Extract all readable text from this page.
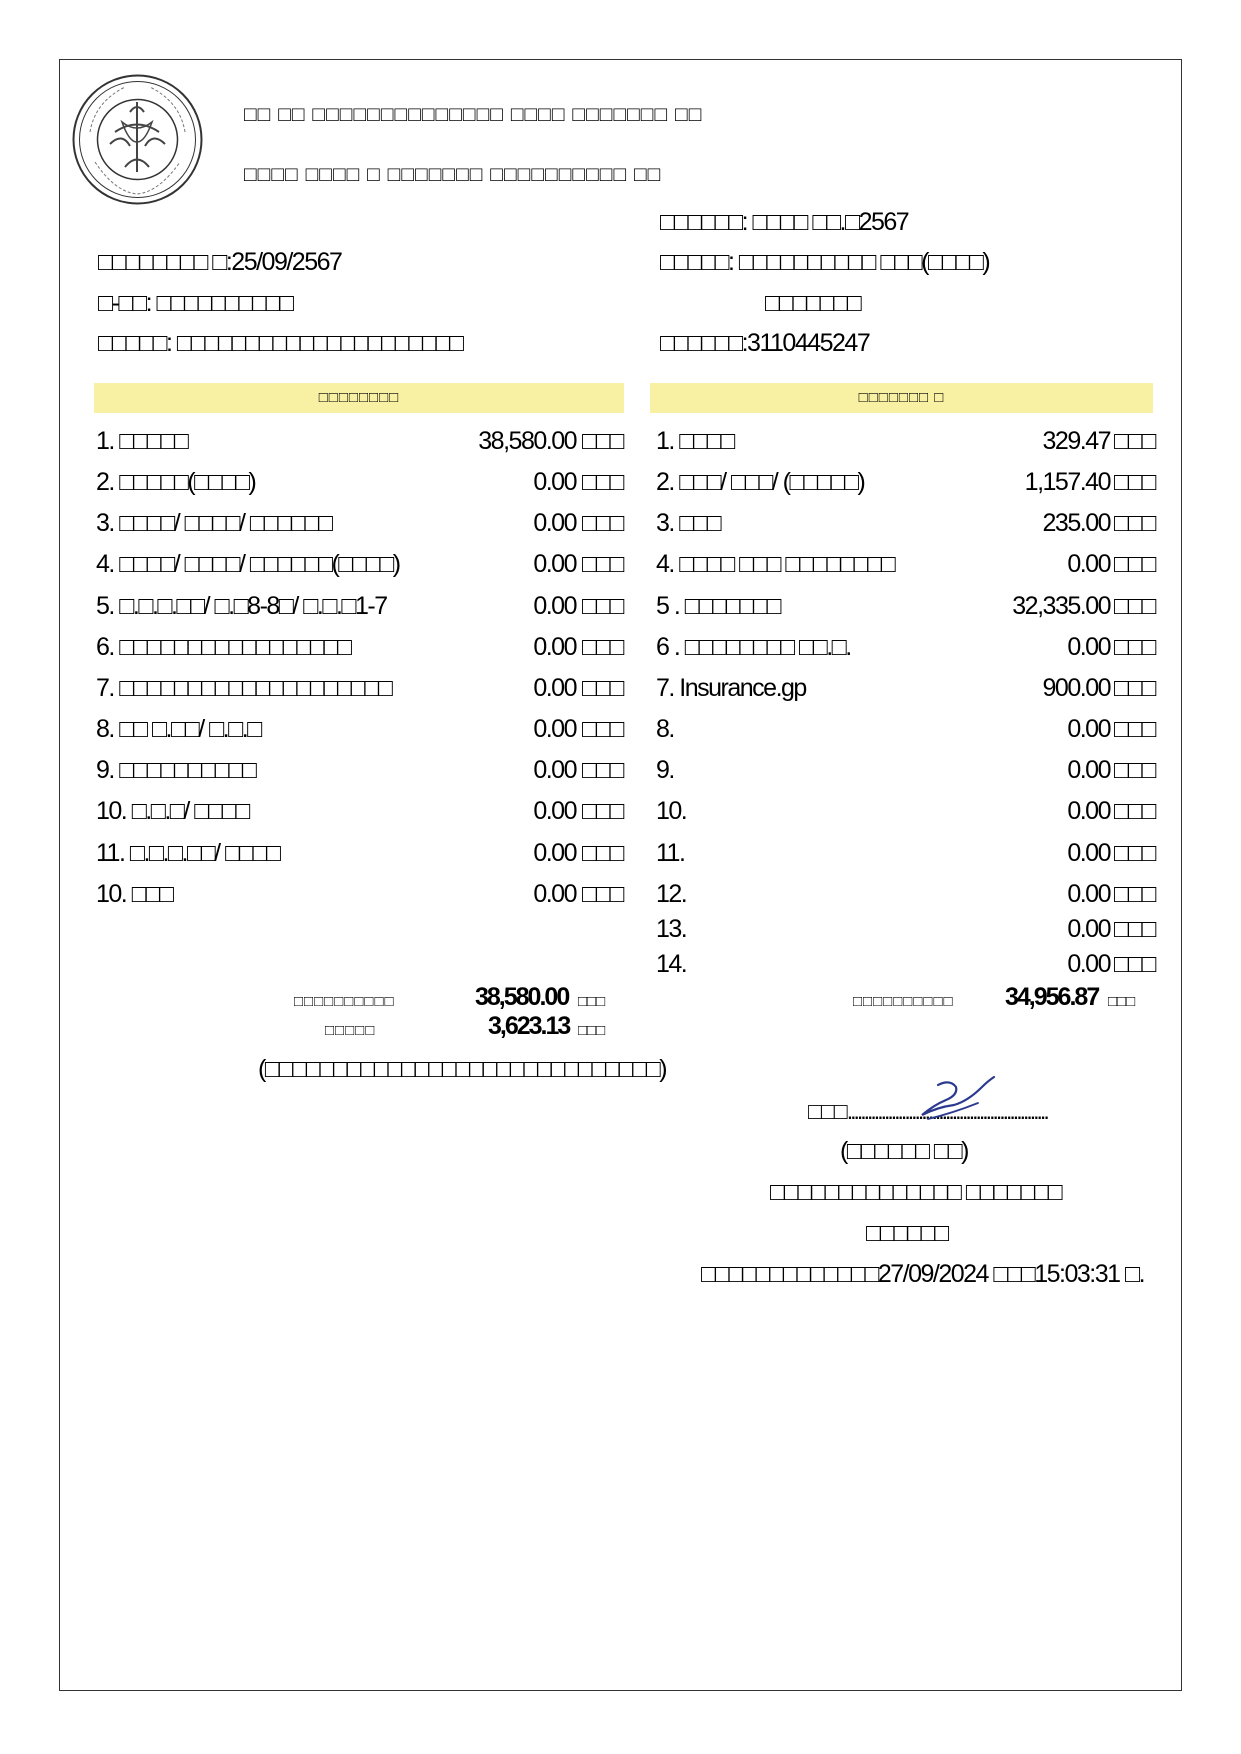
□□ □□ □□□□□□□□□□□□□□ □□□□ □□□□□□□ □□
□□□□ □□□□ □ □□□□□□□ □□□□□□□□□□ □□
□□□□□□□□ □:25/09/2567
□-□□: □□□□□□□□□□
□□□□□: □□□□□□□□□□□□□□□□□□□□□
□□□□□□: □□□□ □□.□2567
□□□□□: □□□□□□□□□□ □□□(□□□□)
□□□□□□□
□□□□□□:3110445247
□□□□□□□□	□□□□□□□ □
1. □□□□□	38,580.00 □□□
2. □□□□□(□□□□)	0.00 □□□
3. □□□□/ □□□□/ □□□□□□	0.00 □□□
4. □□□□/ □□□□/ □□□□□□(□□□□)	0.00 □□□
5. □.□.□.□□/ □.□8-8□/ □.□.□1-7	0.00 □□□
6. □□□□□□□□□□□□□□□□□	0.00 □□□
7. □□□□□□□□□□□□□□□□□□□□	0.00 □□□
8. □□ □.□□/ □.□.□	0.00 □□□
9. □□□□□□□□□□	0.00 □□□
10. □.□.□/ □□□□	0.00 □□□
11. □.□.□.□□/ □□□□	0.00 □□□
10. □□□	0.00 □□□
1. □□□□	329.47 □□□
2. □□□/ □□□/ (□□□□□)	1,157.40 □□□
3. □□□	235.00 □□□
4. □□□□ □□□ □□□□□□□□	0.00 □□□
5 . □□□□□□□	32,335.00 □□□
6 . □□□□□□□□ □□.□.	0.00 □□□
7. Insurance.gp	900.00 □□□
8.	0.00 □□□
9.	0.00 □□□
10.	0.00 □□□
11.	0.00 □□□
12.	0.00 □□□
13.	0.00 □□□
14.	0.00 □□□
□□□□□□□□□□	38,580.00 □□□
□□□□□	3,623.13 □□□
(□□□□□□□□□□□□□□□□□□□□□□□□□□□□□)
□□□□□□□□□□ 34,956.87 □□□
□□□...........................................................
(□□□□□□ □□)
□□□□□□□□□□□□□□ □□□□□□□
□□□□□□
□□□□□□□□□□□□□27/09/2024 □□□15:03:31 □.
